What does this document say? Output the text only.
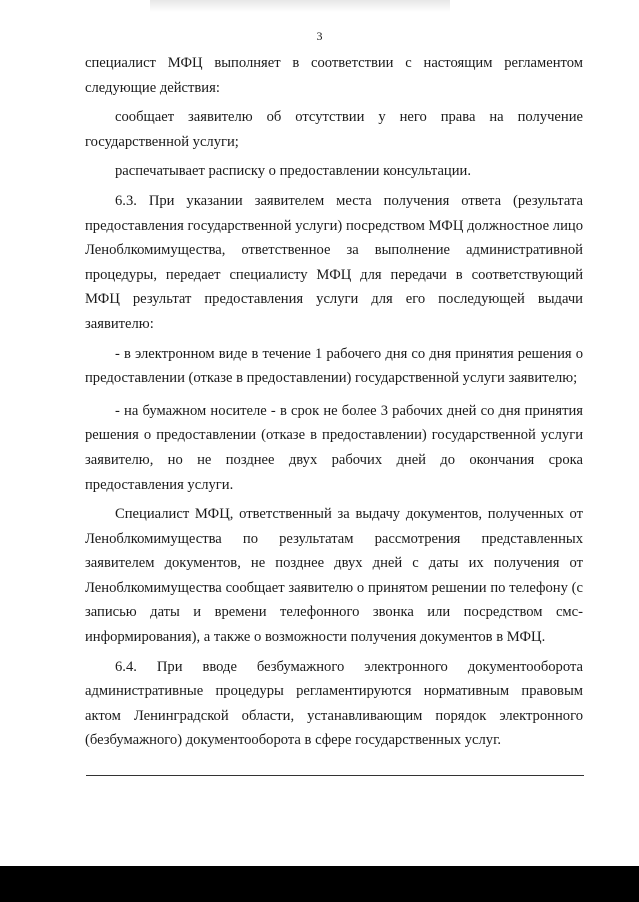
3

специалист МФЦ выполняет в соответствии с настоящим регламентом следующие действия:

сообщает заявителю об отсутствии у него права на получение государственной услуги;

распечатывает расписку о предоставлении консультации.

6.3. При указании заявителем места получения ответа (результата предоставления государственной услуги) посредством МФЦ должностное лицо Леноблкомимущества, ответственное за выполнение административной процедуры, передает специалисту МФЦ для передачи в соответствующий МФЦ результат предоставления услуги для его последующей выдачи заявителю:

- в электронном виде в течение 1 рабочего дня со дня принятия решения о предоставлении (отказе в предоставлении) государственной услуги заявителю;

- на бумажном носителе - в срок не более 3 рабочих дней со дня принятия решения о предоставлении (отказе в предоставлении) государственной услуги заявителю, но не позднее двух рабочих дней до окончания срока предоставления услуги.

Специалист МФЦ, ответственный за выдачу документов, полученных от Леноблкомимущества по результатам рассмотрения представленных заявителем документов, не позднее двух дней с даты их получения от Леноблкомимущества сообщает заявителю о принятом решении по телефону (с записью даты и времени телефонного звонка или посредством смс-информирования), а также о возможности получения документов в МФЦ.

6.4. При вводе безбумажного электронного документооборота административные процедуры регламентируются нормативным правовым актом Ленинградской области, устанавливающим порядок электронного (безбумажного) документооборота в сфере государственных услуг.
